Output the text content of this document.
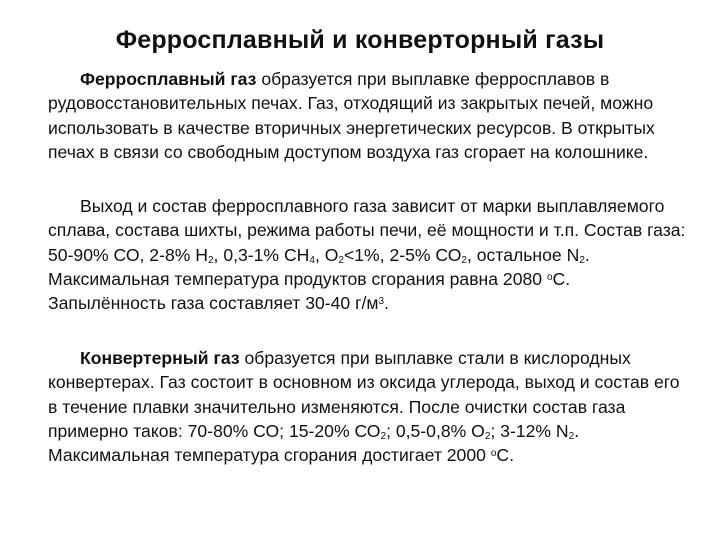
Ферросплавный и конверторный газы
Ферросплавный газ образуется при выплавке ферросплавов в рудовосстановительных печах. Газ, отходящий из закрытых печей, можно использовать в качестве вторичных энергетических ресурсов. В открытых печах в связи со свободным доступом воздуха газ сгорает на колошнике.
Выход и состав ферросплавного газа зависит от марки выплавляемого сплава, состава шихты, режима работы печи, её мощности и т.п. Состав газа: 50-90% СО, 2-8% $Н_2$, 0,3-1% $СН_4$, $О_2<1\%$, 2-5% $СО_2$, остальное $N_2$. Максимальная температура продуктов сгорания равна 2080 $^о$С. Запылённость газа составляет 30-40 $г/м^3$.
Конвертерный газ образуется при выплавке стали в кислородных конвертерах. Газ состоит в основном из оксида углерода, выход и состав его в течение плавки значительно изменяются. После очистки состав газа примерно таков: 70-80% СО; 15-20% $СО_2$; 0,5-0,8% $О_2$; 3-12% $N_2$. Максимальная температура сгорания достигает 2000 $^о$С.
